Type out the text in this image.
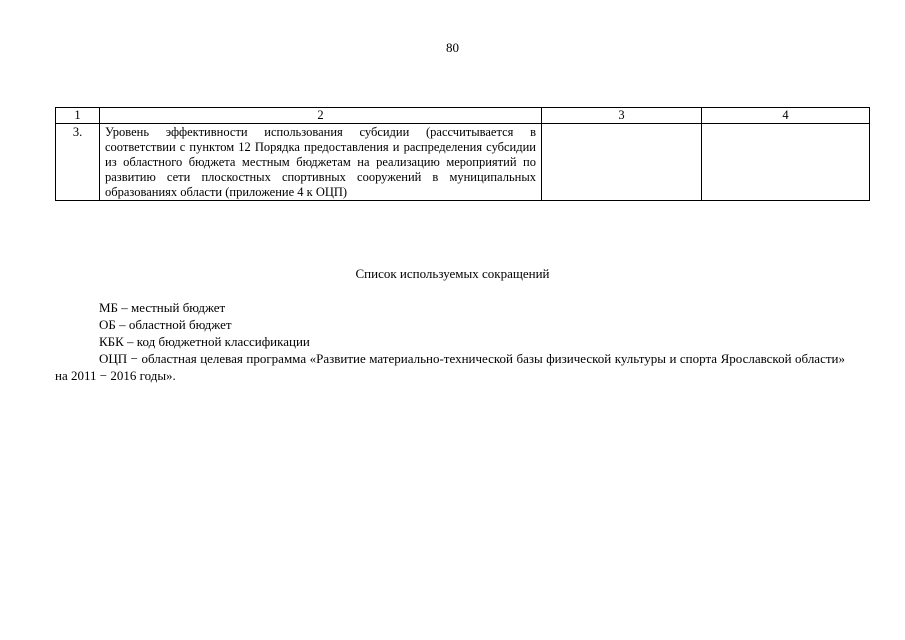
80
1	2	3	4
3.	Уровень эффективности использования субсидии (рассчитывается в соответствии с пунктом 12 Порядка предоставления и распределения субсидии из областного бюджета местным бюджетам на реализацию мероприятий по развитию сети плоскостных спортивных сооружений в муниципальных образованиях области (приложение 4 к ОЦП)		
Список используемых сокращений

МБ – местный бюджет

ОБ – областной бюджет

КБК – код бюджетной классификации

ОЦП − областная целевая программа «Развитие материально-технической базы физической культуры и спорта Ярославской области» на 2011 − 2016 годы».
